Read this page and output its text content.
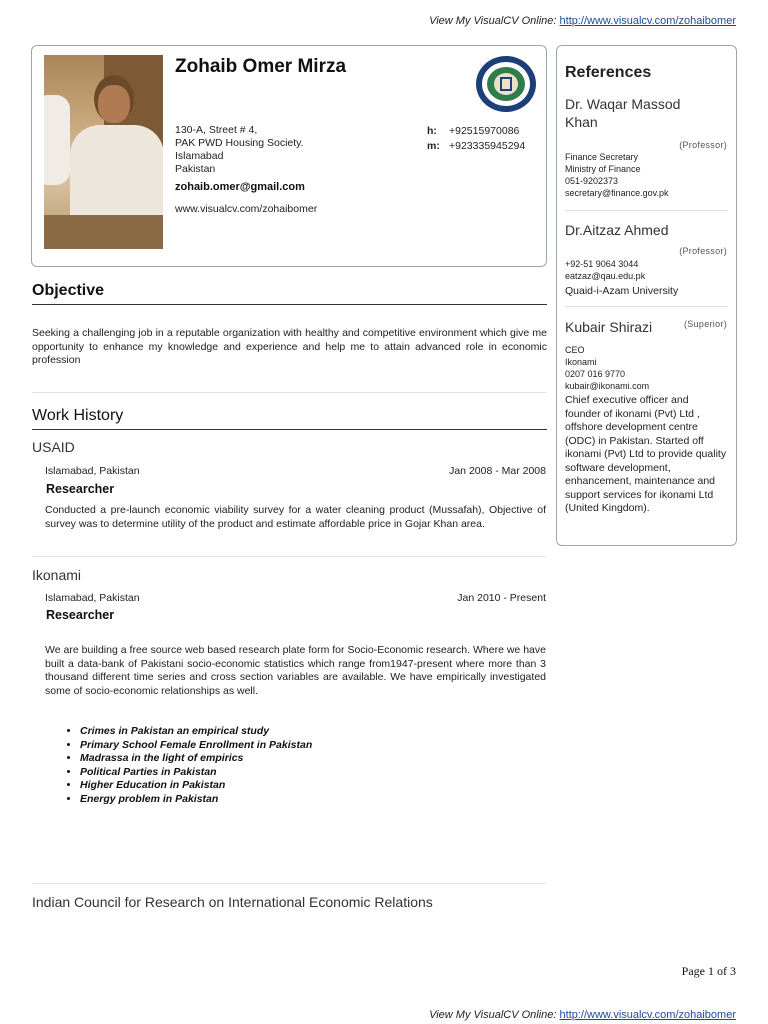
View My VisualCV Online: http://www.visualcv.com/zohaibomer
Zohaib Omer Mirza
130-A, Street # 4,
PAK PWD Housing Society.
Islamabad
Pakistan
zohaib.omer@gmail.com
www.visualcv.com/zohaibomer
h: +92515970086
m: +923335945294
Objective
Seeking a challenging job in a reputable organization with healthy and competitive environment which give me opportunity to enhance my knowledge and experience and help me to attain advanced role in economic profession
Work History
USAID
Islamabad, Pakistan	Jan 2008 - Mar 2008
Researcher
Conducted a pre-launch economic viability survey for a water cleaning product (Mussafah), Objective of survey was to determine utility of the product and estimate affordable price in Gojar Khan area.
Ikonami
Islamabad, Pakistan	Jan 2010 - Present
Researcher
We are building a free source web based research plate form for Socio-Economic research. Where we have built a data-bank of Pakistani socio-economic statistics which range from1947-present where more than 3 thousand different time series and cross section variables are available. We have empirically investigated some of socio-economic relationships as well.
• Crimes in Pakistan an empirical study
• Primary School Female Enrollment in Pakistan
• Madrassa in the light of empirics
• Political Parties in Pakistan
• Higher Education in Pakistan
• Energy problem in Pakistan
Indian Council for Research on International Economic Relations
References
Dr. Waqar Massod Khan
(Professor)
Finance Secretary
Ministry of Finance
051-9202373
secretary@finance.gov.pk
Dr.Aitzaz Ahmed
(Professor)
+92-51 9064 3044
eatzaz@qau.edu.pk
Quaid-i-Azam University
Kubair Shirazi	(Superior)
CEO
Ikonami
0207 016 9770
kubair@ikonami.com
Chief executive officer and founder of ikonami (Pvt) Ltd , offshore development centre (ODC) in Pakistan. Started off ikonami (Pvt) Ltd to provide quality software development, enhancement, maintenance and support services for ikonami Ltd (United Kingdom).
Page 1 of 3
View My VisualCV Online: http://www.visualcv.com/zohaibomer
